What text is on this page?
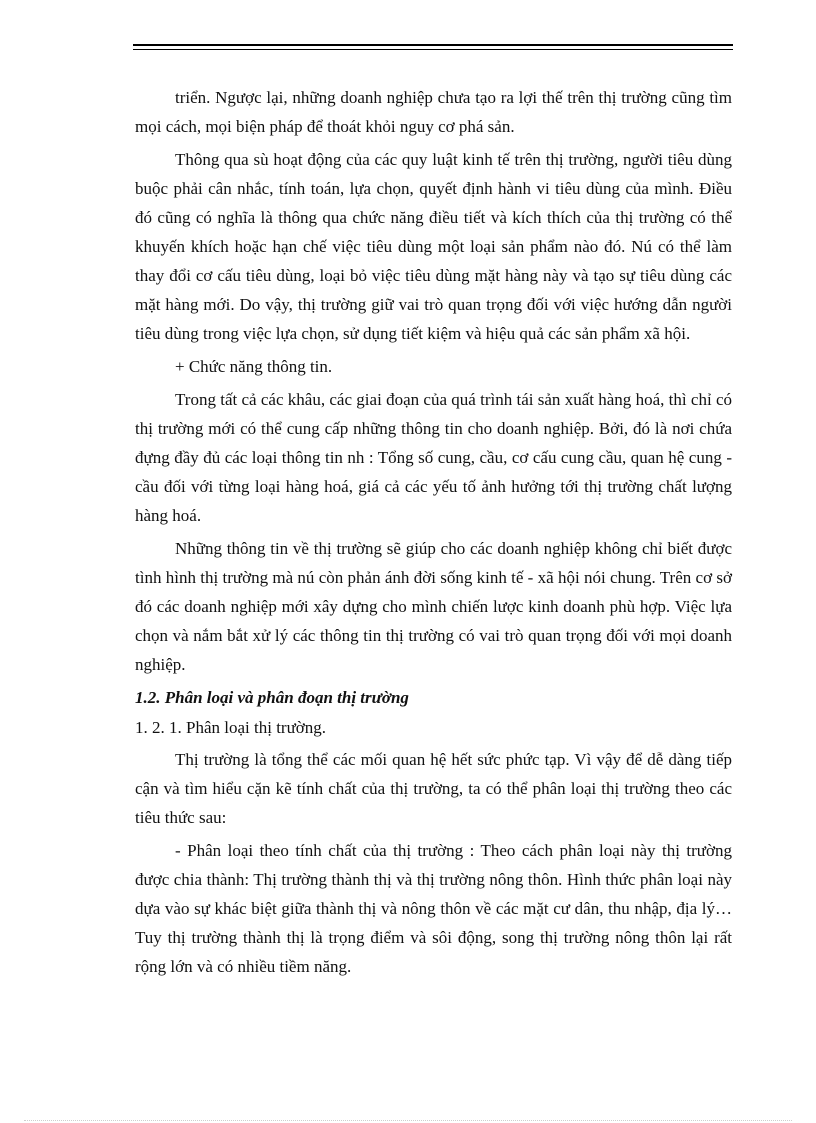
triển. Ngược lại, những doanh nghiệp chưa tạo ra lợi thế trên thị trường cũng tìm mọi cách, mọi biện pháp để thoát khỏi nguy cơ phá sản.

Thông qua sù hoạt động của các quy luật kinh tế trên thị trường, người tiêu dùng buộc phải cân nhắc, tính toán, lựa chọn, quyết định hành vi tiêu dùng của mình. Điều đó cũng có nghĩa là thông qua chức năng điều tiết và kích thích của thị trường có thể khuyến khích hoặc hạn chế việc tiêu dùng một loại sản phẩm nào đó. Nú có thể làm thay đổi cơ cấu tiêu dùng, loại bỏ việc tiêu dùng mặt hàng này và tạo sự tiêu dùng các mặt hàng mới. Do vậy, thị trường giữ vai trò quan trọng đối với việc hướng dẫn người tiêu dùng trong việc lựa chọn, sử dụng tiết kiệm và hiệu quả các sản phẩm xã hội.

+ Chức năng thông tin.

Trong tất cả các khâu, các giai đoạn của quá trình tái sản xuất hàng hoá, thì chỉ có thị trường mới có thể cung cấp những thông tin cho doanh nghiệp. Bởi, đó là nơi chứa đựng đầy đủ các loại thông tin nh : Tổng số cung, cầu, cơ cấu cung cầu, quan hệ cung - cầu đối với từng loại hàng hoá, giá cả các yếu tố ảnh hưởng tới thị trường chất lượng hàng hoá.

Những thông tin về thị trường sẽ giúp cho các doanh nghiệp không chỉ biết được tình hình thị trường mà nú còn phản ánh đời sống kinh tế - xã hội nói chung. Trên cơ sở đó các doanh nghiệp mới xây dựng cho mình chiến lược kinh doanh phù hợp. Việc lựa chọn và nắm bắt xử lý các thông tin thị trường có vai trò quan trọng đối với mọi doanh nghiệp.

1.2. Phân loại và phân đoạn thị trường

1. 2. 1. Phân loại thị trường.

Thị trường là tổng thể các mối quan hệ hết sức phức tạp. Vì vậy để dễ dàng tiếp cận và tìm hiểu cặn kẽ tính chất của thị trường, ta có thể phân loại thị trường theo các tiêu thức sau:

- Phân loại theo tính chất của thị trường : Theo cách phân loại này thị trường được chia thành: Thị trường thành thị và thị trường nông thôn. Hình thức phân loại này dựa vào sự khác biệt giữa thành thị và nông thôn về các mặt cư dân, thu nhập, địa lý… Tuy thị trường thành thị là trọng điểm và sôi động, song thị trường nông thôn lại rất rộng lớn và có nhiều tiềm năng.
